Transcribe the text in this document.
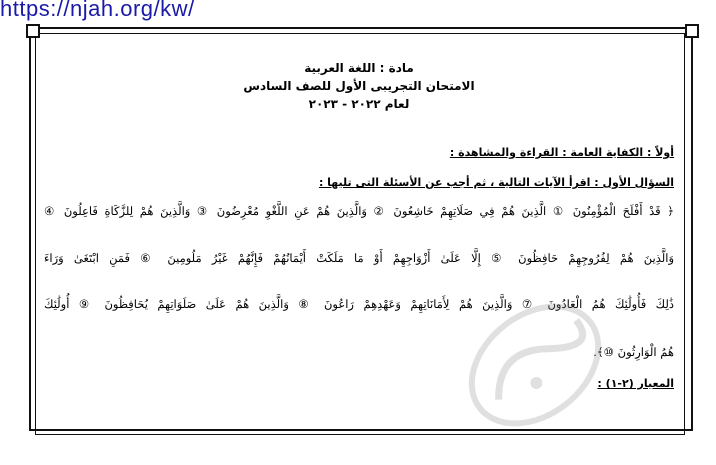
https://njah.org/kw/
مادة : اللغة العربية
الامتحان التجريبى الأول للصف السادس
لعام ٢٠٢٢ - ٢٠٢٣
أولاً : الكفاية العامة : القراءة والمشاهدة :
السؤال الأول : اقرأ الآيات التالية ، ثم أجب عن الأسئلة التى تليها :
﴿ قَدْ أَفْلَحَ الْمُؤْمِنُونَ ① الَّذِينَ هُمْ فِي صَلَاتِهِمْ خَاشِعُونَ ② وَالَّذِينَ هُمْ عَنِ اللَّغْوِ مُعْرِضُونَ ③ وَالَّذِينَ هُمْ لِلزَّكَاةِ فَاعِلُونَ ④
وَالَّذِينَ هُمْ لِفُرُوجِهِمْ حَافِظُونَ ⑤ إِلَّا عَلَىٰ أَزْوَاجِهِمْ أَوْ مَا مَلَكَتْ أَيْمَانُهُمْ فَإِنَّهُمْ غَيْرُ مَلُومِينَ ⑥ فَمَنِ ابْتَغَىٰ وَرَاءَ
ذَٰلِكَ فَأُولَٰئِكَ هُمُ الْعَادُونَ ⑦ وَالَّذِينَ هُمْ لِأَمَانَاتِهِمْ وَعَهْدِهِمْ رَاعُونَ ⑧ وَالَّذِينَ هُمْ عَلَىٰ صَلَوَاتِهِمْ يُحَافِظُونَ ⑨ أُولَٰئِكَ
هُمُ الْوَارِثُونَ ⑩﴾.
المعيار (٢-١) :
